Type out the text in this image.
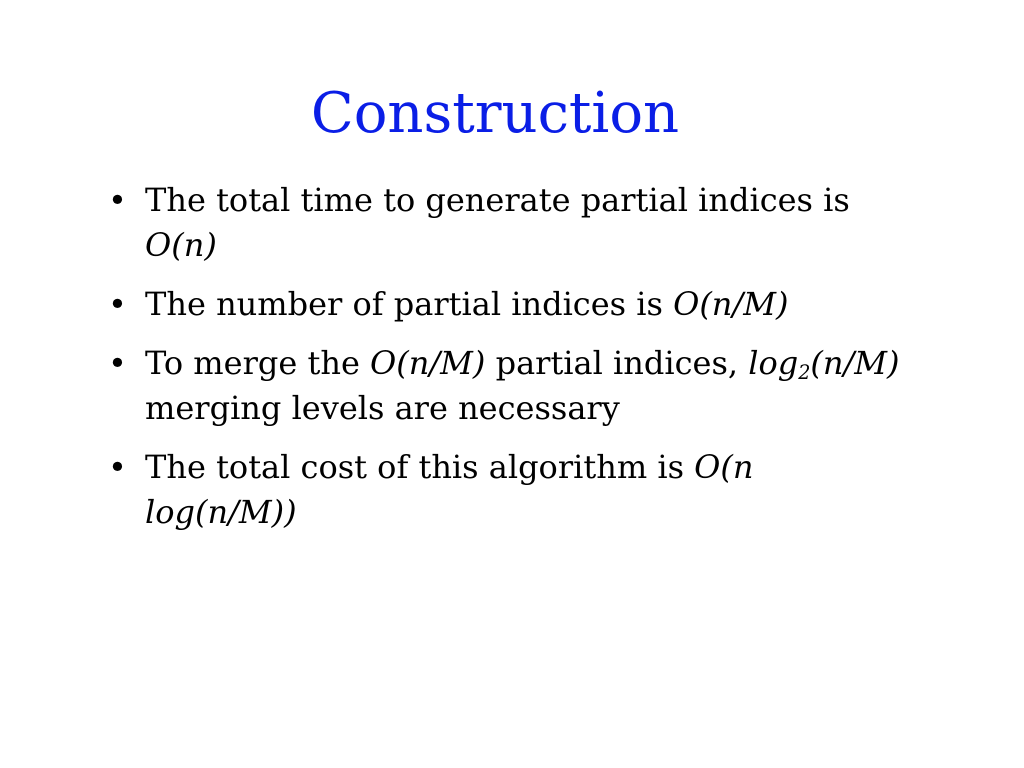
Construction
• The total time to generate partial indices is O(n)
• The number of partial indices is O(n/M)
• To merge the O(n/M) partial indices, $\log_2(n/M)$ merging levels are necessary
• The total cost of this algorithm is O(n log(n/M))
